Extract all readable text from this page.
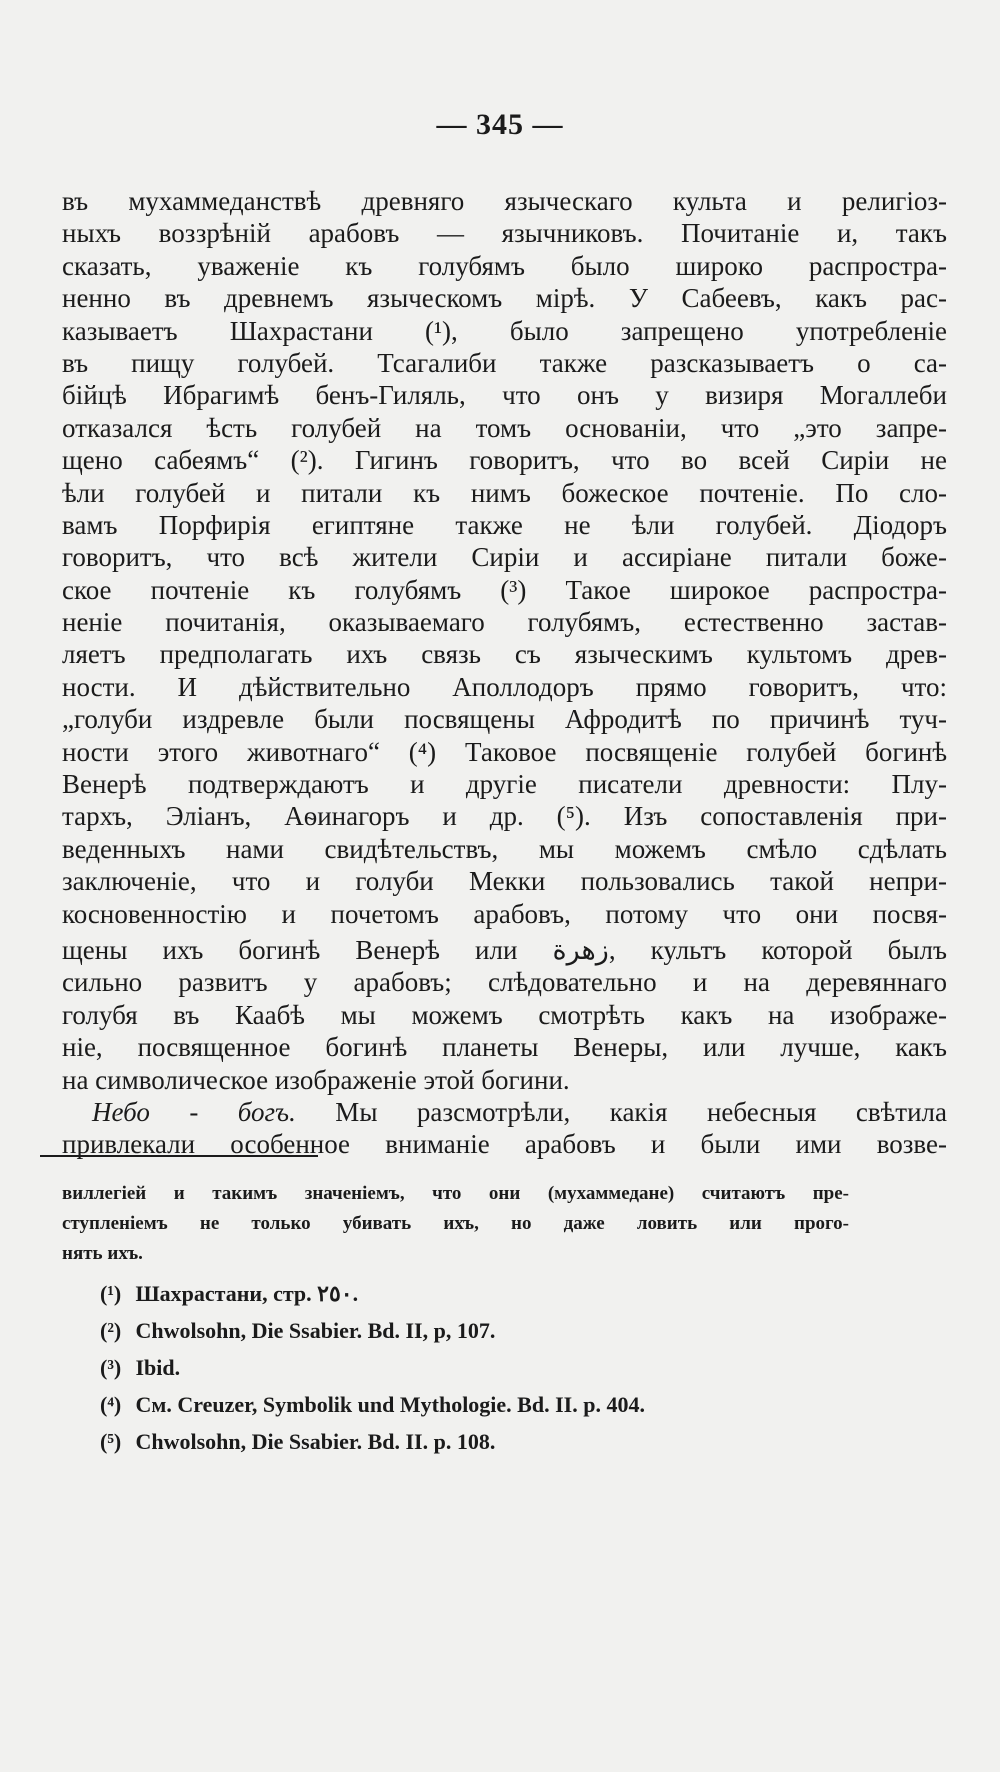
— 345 —
въ мухаммеданствѣ древняго языческаго культа и религіоз-
ныхъ воззрѣній арабовъ — язычниковъ. Почитаніе и, такъ
сказать, уваженіе къ голубямъ было широко распростра-
ненно въ древнемъ языческомъ мірѣ. У Сабеевъ, какъ рас-
казываетъ Шахрастани (¹), было запрещено употребленіе
въ пищу голубей. Тсагалиби также разсказываетъ о са-
бійцѣ Ибрагимѣ бенъ-Гиляль, что онъ у визиря Могаллеби
отказался ѣсть голубей на томъ основаніи, что „это запре-
щено сабеямъ“ (²). Гигинъ говоритъ, что во всей Сиріи не
ѣли голубей и питали къ нимъ божеское почтеніе. По сло-
вамъ Порфирія египтяне также не ѣли голубей. Діодоръ
говоритъ, что всѣ жители Сиріи и ассиріане питали боже-
ское почтеніе къ голубямъ (³) Такое широкое распростра-
неніе почитанія, оказываемаго голубямъ, естественно застав-
ляетъ предполагать ихъ связь съ языческимъ культомъ древ-
ности. И дѣйствительно Аполлодоръ прямо говоритъ, что:
„голуби издревле были посвящены Афродитѣ по причинѣ туч-
ности этого животнаго“ (⁴) Таковое посвященіе голубей богинѣ
Венерѣ подтверждаютъ и другіе писатели древности: Плу-
тархъ, Эліанъ, Аѳинагоръ и др. (⁵). Изъ сопоставленія при-
веденныхъ нами свидѣтельствъ, мы можемъ смѣло сдѣлать
заключеніе, что и голуби Мекки пользовались такой непри-
косновенностію и почетомъ арабовъ, потому что они посвя-
щены ихъ богинѣ Венерѣ или زهرة, культъ которой былъ
сильно развитъ у арабовъ; слѣдовательно и на деревяннаго
голубя въ Каабѣ мы можемъ смотрѣть какъ на изображе-
ніе, посвященное богинѣ планеты Венеры, или лучше, какъ
на символическое изображеніе этой богини.
Небо - богъ. Мы разсмотрѣли, какія небесныя свѣтила
привлекали особенное вниманіе арабовъ и были ими возве-
виллегіей и такимъ значеніемъ, что они (мухаммедане) считаютъ пре-
ступленіемъ не только убивать ихъ, но даже ловить или прого-
нять ихъ.
(¹) Шахрастани, стр. ٢٥٠.
(²) Chwolsohn, Die Ssabier. Bd. II, p, 107.
(³) Ibid.
(⁴) См. Creuzer, Symbolik und Mythologie. Bd. II. p. 404.
(⁵) Chwolsohn, Die Ssabier. Bd. II. p. 108.
